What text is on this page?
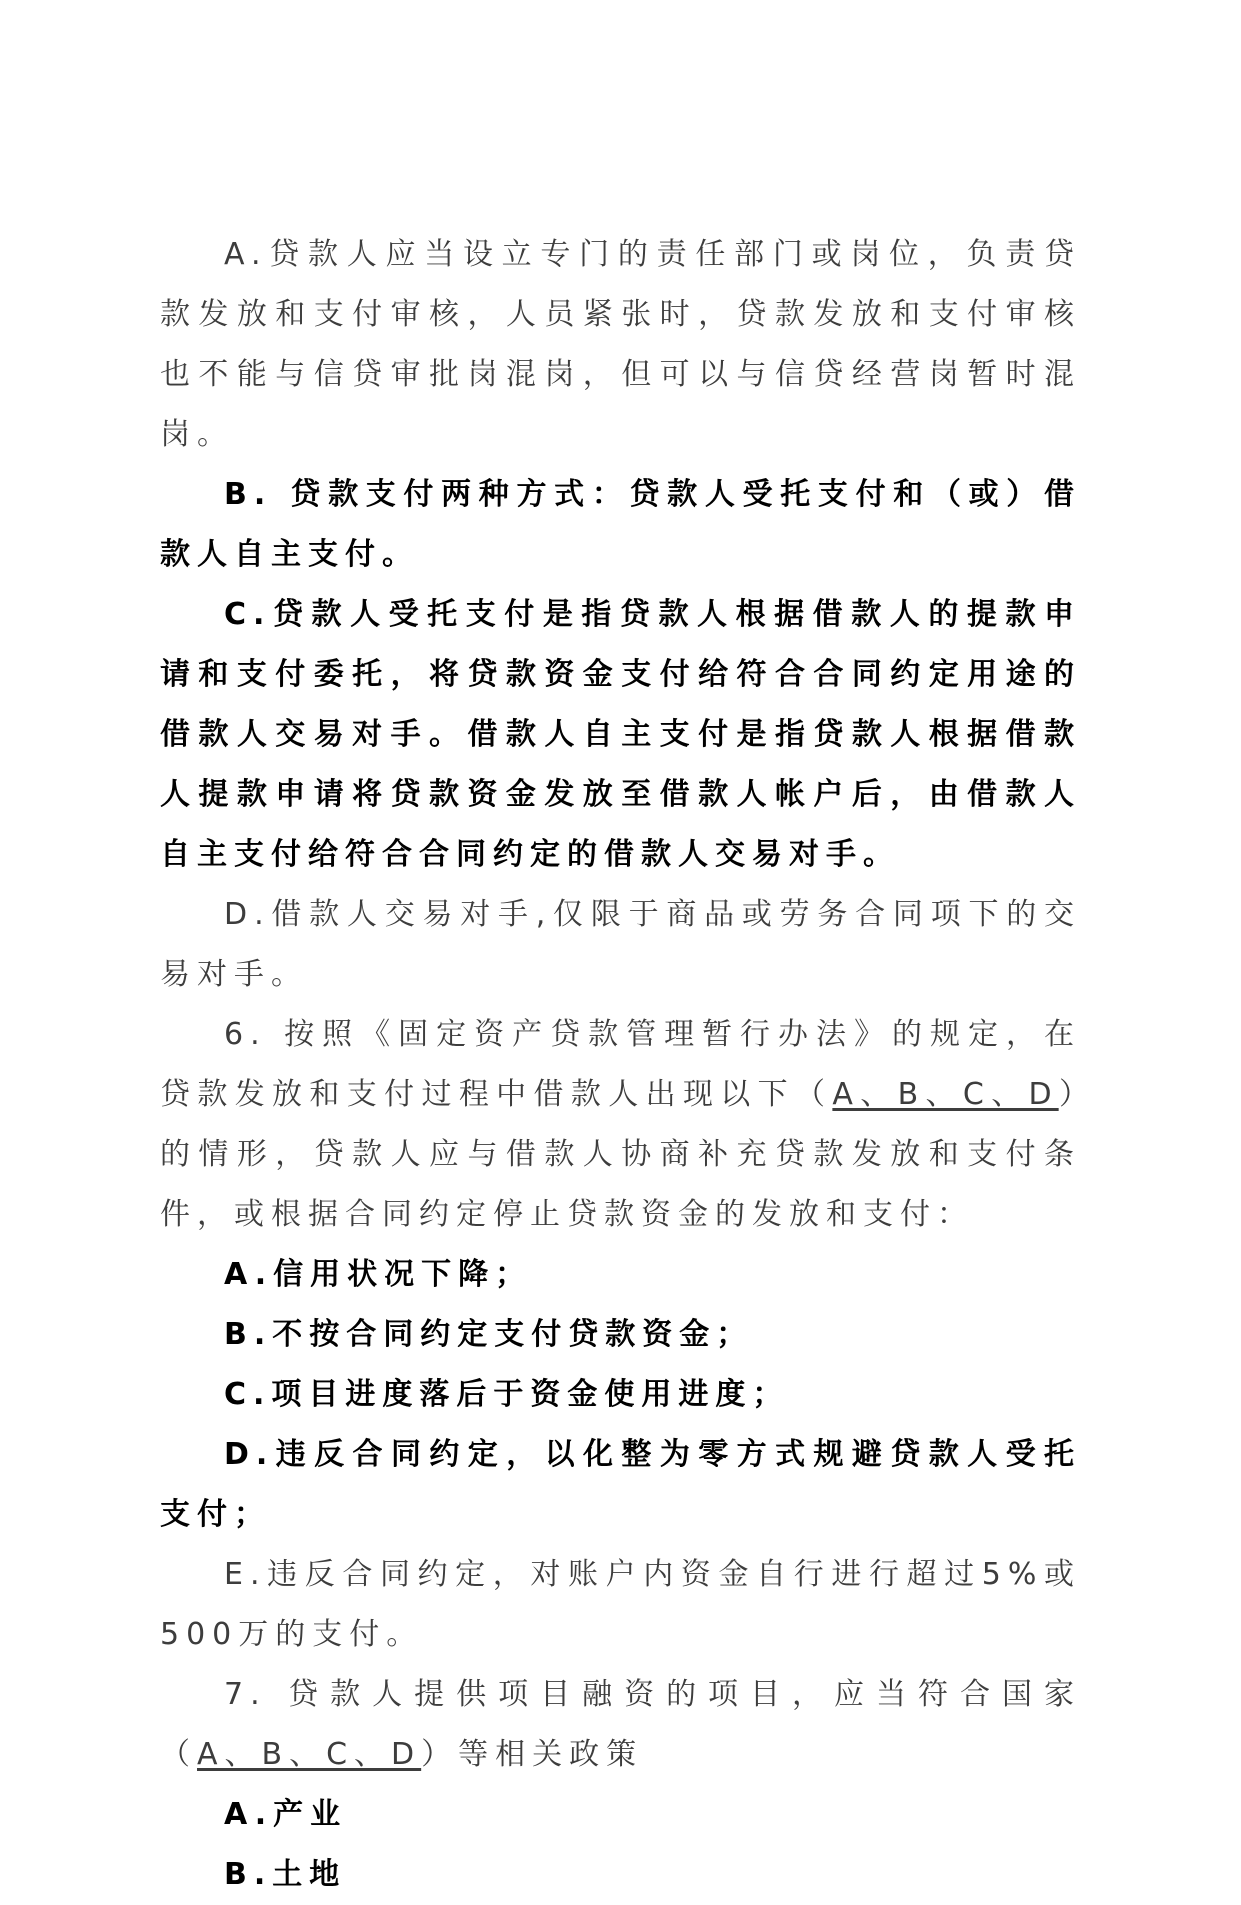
A.贷款人应当设立专门的责任部门或岗位，负责贷款发放和支付审核，人员紧张时，贷款发放和支付审核也不能与信贷审批岗混岗，但可以与信贷经营岗暂时混岗。

B. 贷款支付两种方式：贷款人受托支付和（或）借款人自主支付。

C.贷款人受托支付是指贷款人根据借款人的提款申请和支付委托，将贷款资金支付给符合合同约定用途的借款人交易对手。借款人自主支付是指贷款人根据借款人提款申请将贷款资金发放至借款人帐户后，由借款人自主支付给符合合同约定的借款人交易对手。

D.借款人交易对手,仅限于商品或劳务合同项下的交易对手。

6. 按照《固定资产贷款管理暂行办法》的规定，在贷款发放和支付过程中借款人出现以下（A、B、C、D）的情形，贷款人应与借款人协商补充贷款发放和支付条件，或根据合同约定停止贷款资金的发放和支付：

A.信用状况下降；

B.不按合同约定支付贷款资金；

C.项目进度落后于资金使用进度；

D.违反合同约定，以化整为零方式规避贷款人受托支付；

E.违反合同约定，对账户内资金自行进行超过5%或500万的支付。

7. 贷款人提供项目融资的项目，应当符合国家（A、B、C、D）等相关政策

A.产业

B.土地
